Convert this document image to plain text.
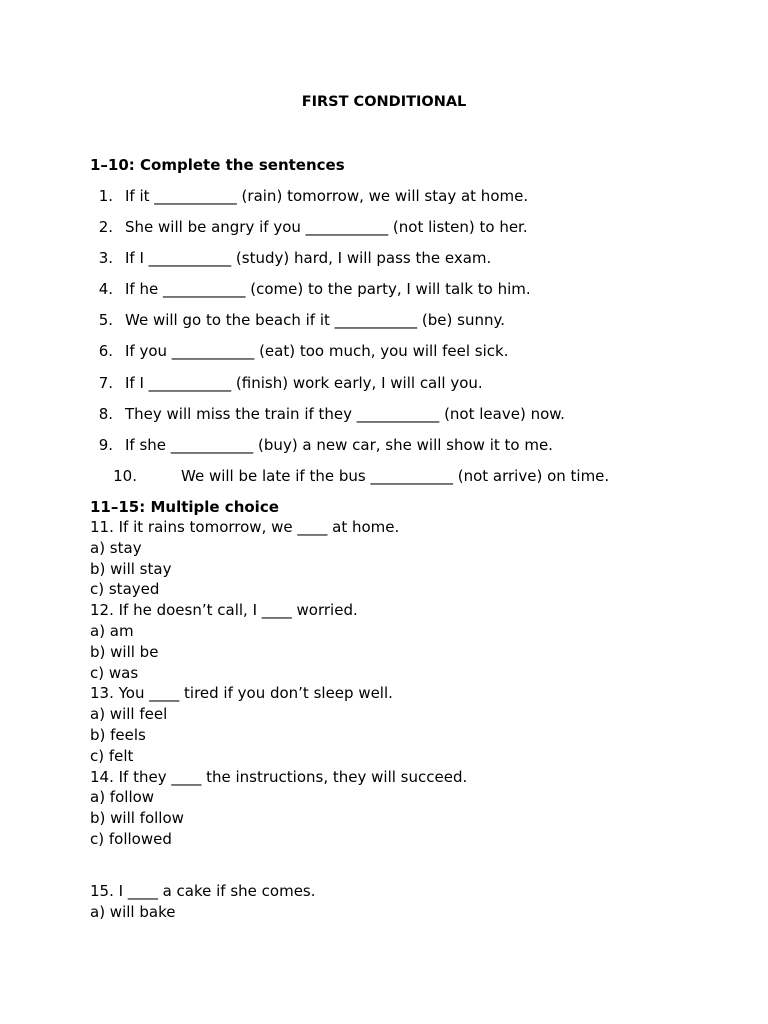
FIRST CONDITIONAL
1–10: Complete the sentences
1. If it ___________ (rain) tomorrow, we will stay at home.
2. She will be angry if you ___________ (not listen) to her.
3. If I ___________ (study) hard, I will pass the exam.
4. If he ___________ (come) to the party, I will talk to him.
5. We will go to the beach if it ___________ (be) sunny.
6. If you ___________ (eat) too much, you will feel sick.
7. If I ___________ (finish) work early, I will call you.
8. They will miss the train if they ___________ (not leave) now.
9. If she ___________ (buy) a new car, she will show it to me.
10.	We will be late if the bus ___________ (not arrive) on time.
11–15: Multiple choice
11. If it rains tomorrow, we ____ at home.
a) stay
b) will stay
c) stayed
12. If he doesn’t call, I ____ worried.
a) am
b) will be
c) was
13. You ____ tired if you don’t sleep well.
a) will feel
b) feels
c) felt
14. If they ____ the instructions, they will succeed.
a) follow
b) will follow
c) followed
15. I ____ a cake if she comes.
a) will bake
